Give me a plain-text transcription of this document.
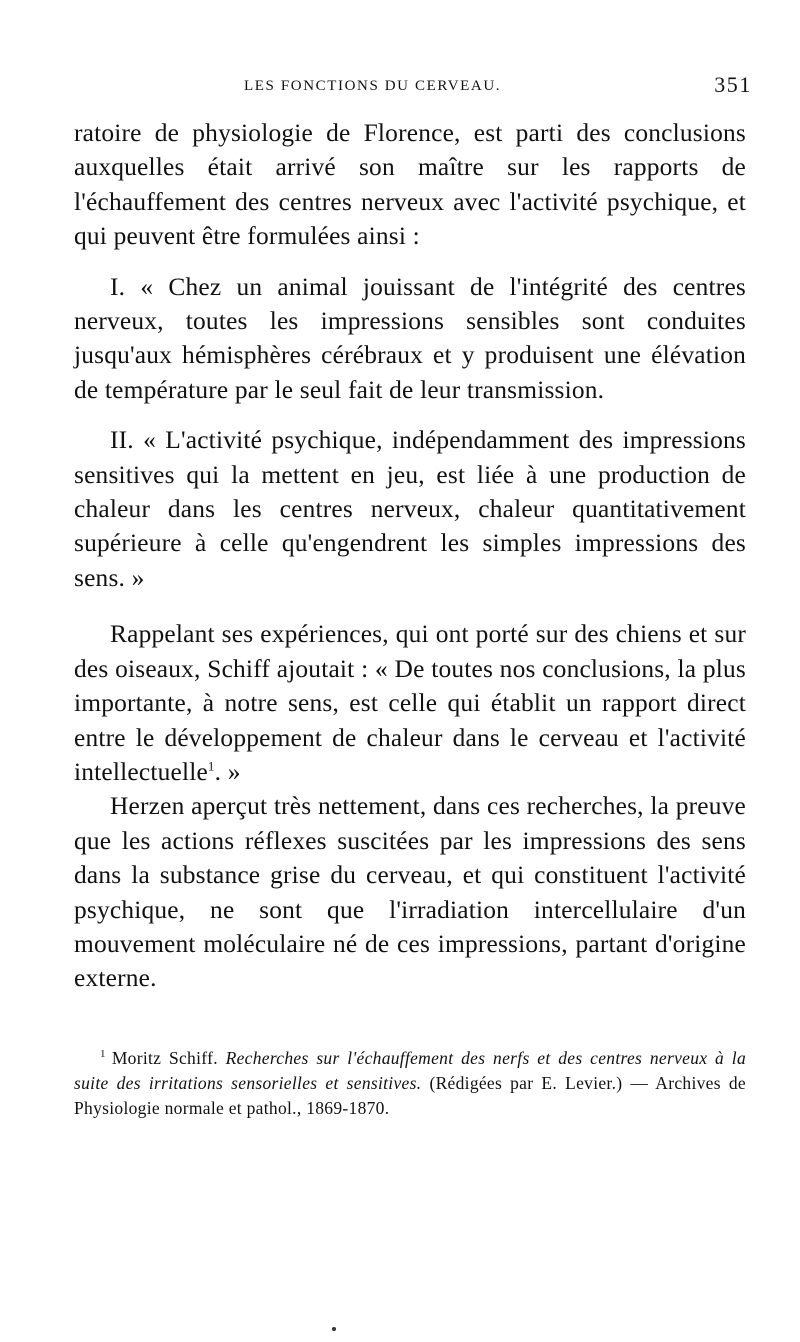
LES FONCTIONS DU CERVEAU.	351

ratoire de physiologie de Florence, est parti des conclusions auxquelles était arrivé son maître sur les rapports de l'échauffement des centres nerveux avec l'activité psychique, et qui peuvent être formulées ainsi :

I. « Chez un animal jouissant de l'intégrité des centres nerveux, toutes les impressions sensibles sont conduites jusqu'aux hémisphères cérébraux et y produisent une élévation de température par le seul fait de leur transmission.

II. « L'activité psychique, indépendamment des impressions sensitives qui la mettent en jeu, est liée à une production de chaleur dans les centres nerveux, chaleur quantitativement supérieure à celle qu'engendrent les simples impressions des sens. »

Rappelant ses expériences, qui ont porté sur des chiens et sur des oiseaux, Schiff ajoutait : « De toutes nos conclusions, la plus importante, à notre sens, est celle qui établit un rapport direct entre le développement de chaleur dans le cerveau et l'activité intellectuelle$^1$. »

Herzen aperçut très nettement, dans ces recherches, la preuve que les actions réflexes suscitées par les impressions des sens dans la substance grise du cerveau, et qui constituent l'activité psychique, ne sont que l'irradiation intercellulaire d'un mouvement moléculaire né de ces impressions, partant d'origine externe.

$^1$ Moritz Schiff. Recherches sur l'échauffement des nerfs et des centres nerveux à la suite des irritations sensorielles et sensitives. (Rédigées par E. Levier.) — Archives de Physiologie normale et pathol., 1869-1870.
